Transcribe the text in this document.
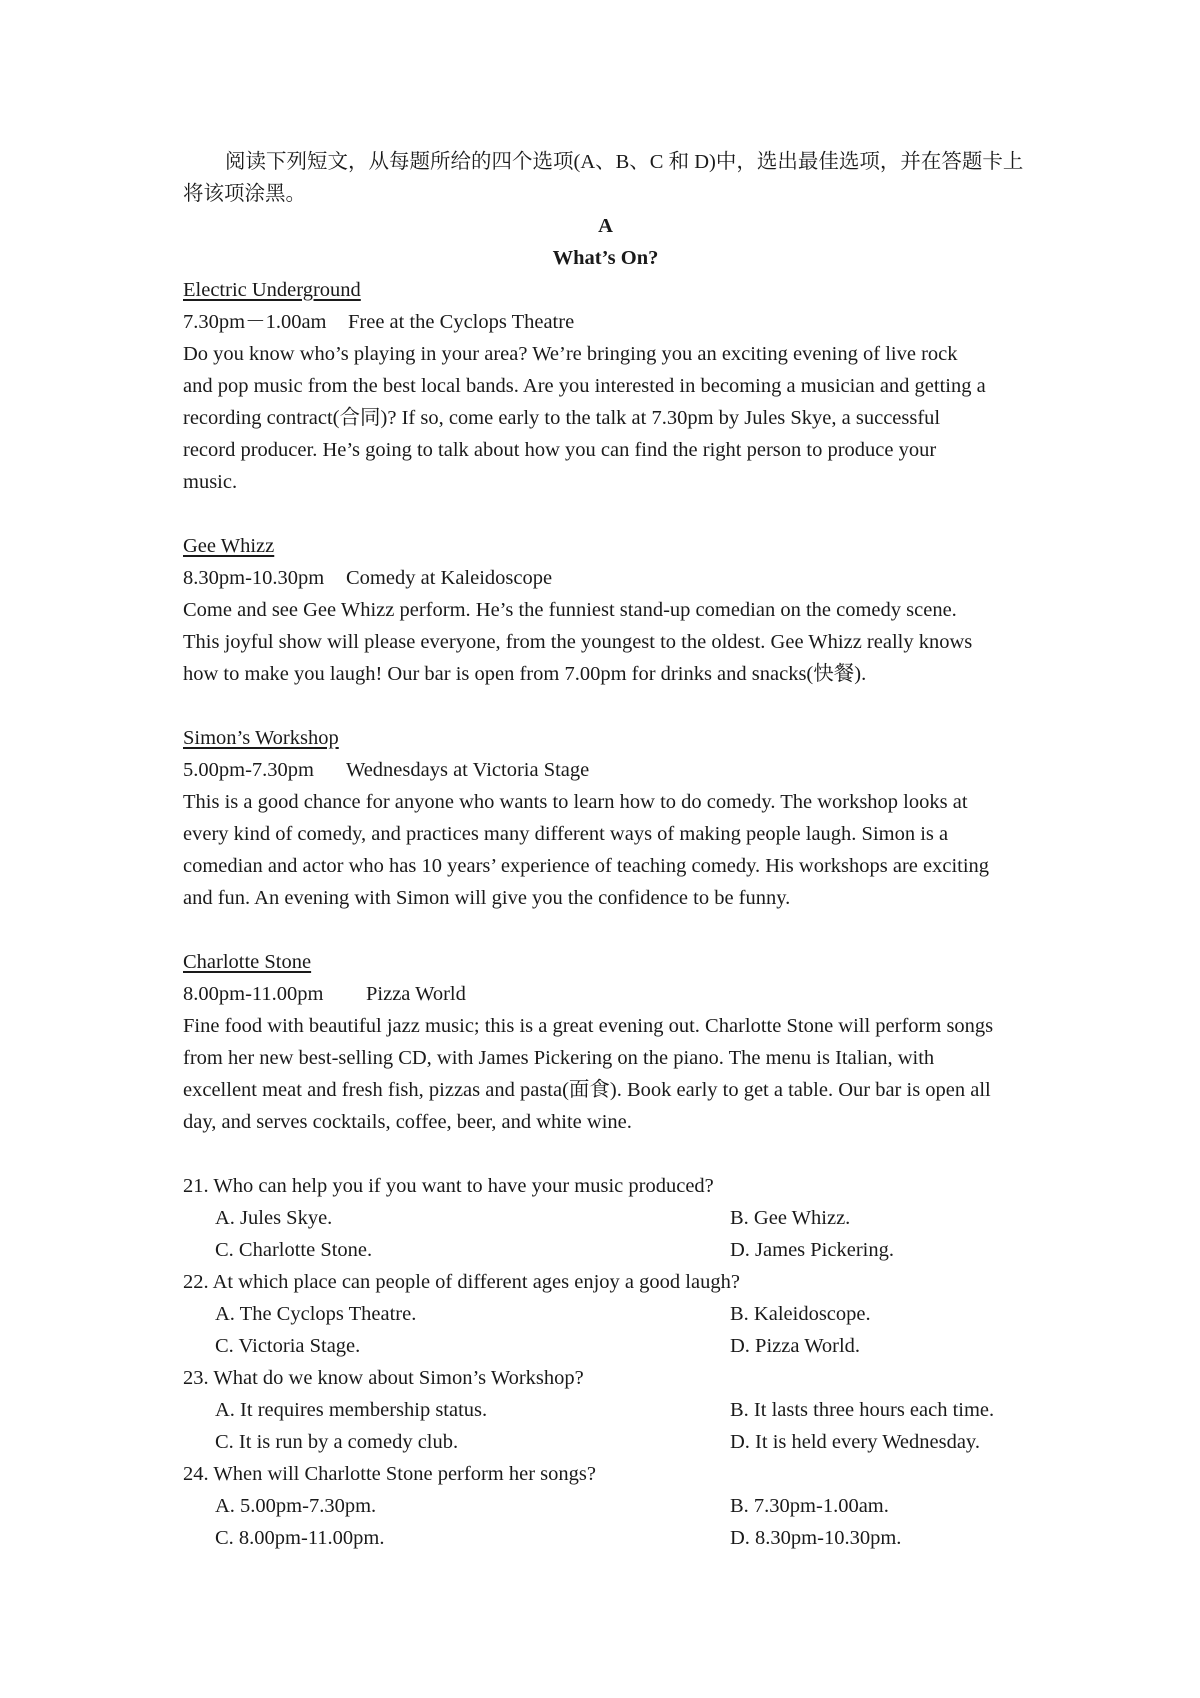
阅读下列短文，从每题所给的四个选项(A、B、C 和 D)中，选出最佳选项，并在答题卡上将该项涂黑。

A

What’s On?

Electric Underground

7.30pm－1.00am Free at the Cyclops Theatre

Do you know who’s playing in your area? We’re bringing you an exciting evening of live rock

and pop music from the best local bands. Are you interested in becoming a musician and getting a

recording contract(合同)? If so, come early to the talk at 7.30pm by Jules Skye, a successful

record producer. He’s going to talk about how you can find the right person to produce your

music.

Gee Whizz

8.30pm-10.30pm Comedy at Kaleidoscope

Come and see Gee Whizz perform. He’s the funniest stand-up comedian on the comedy scene.

This joyful show will please everyone, from the youngest to the oldest. Gee Whizz really knows

how to make you laugh! Our bar is open from 7.00pm for drinks and snacks(快餐).

Simon’s Workshop

5.00pm-7.30pm Wednesdays at Victoria Stage

This is a good chance for anyone who wants to learn how to do comedy. The workshop looks at

every kind of comedy, and practices many different ways of making people laugh. Simon is a

comedian and actor who has 10 years’ experience of teaching comedy. His workshops are exciting

and fun. An evening with Simon will give you the confidence to be funny.

Charlotte Stone

8.00pm-11.00pm Pizza World

Fine food with beautiful jazz music; this is a great evening out. Charlotte Stone will perform songs

from her new best-selling CD, with James Pickering on the piano. The menu is Italian, with

excellent meat and fresh fish, pizzas and pasta(面食). Book early to get a table. Our bar is open all

day, and serves cocktails, coffee, beer, and white wine.

21. Who can help you if you want to have your music produced?

A. Jules Skye.	B. Gee Whizz.
C. Charlotte Stone.	D. James Pickering.

22. At which place can people of different ages enjoy a good laugh?

A. The Cyclops Theatre.	B. Kaleidoscope.
C. Victoria Stage.	D. Pizza World.

23. What do we know about Simon’s Workshop?

A. It requires membership status.	B. It lasts three hours each time.
C. It is run by a comedy club.	D. It is held every Wednesday.

24. When will Charlotte Stone perform her songs?

A. 5.00pm-7.30pm.	B. 7.30pm-1.00am.
C. 8.00pm-11.00pm.	D. 8.30pm-10.30pm.
